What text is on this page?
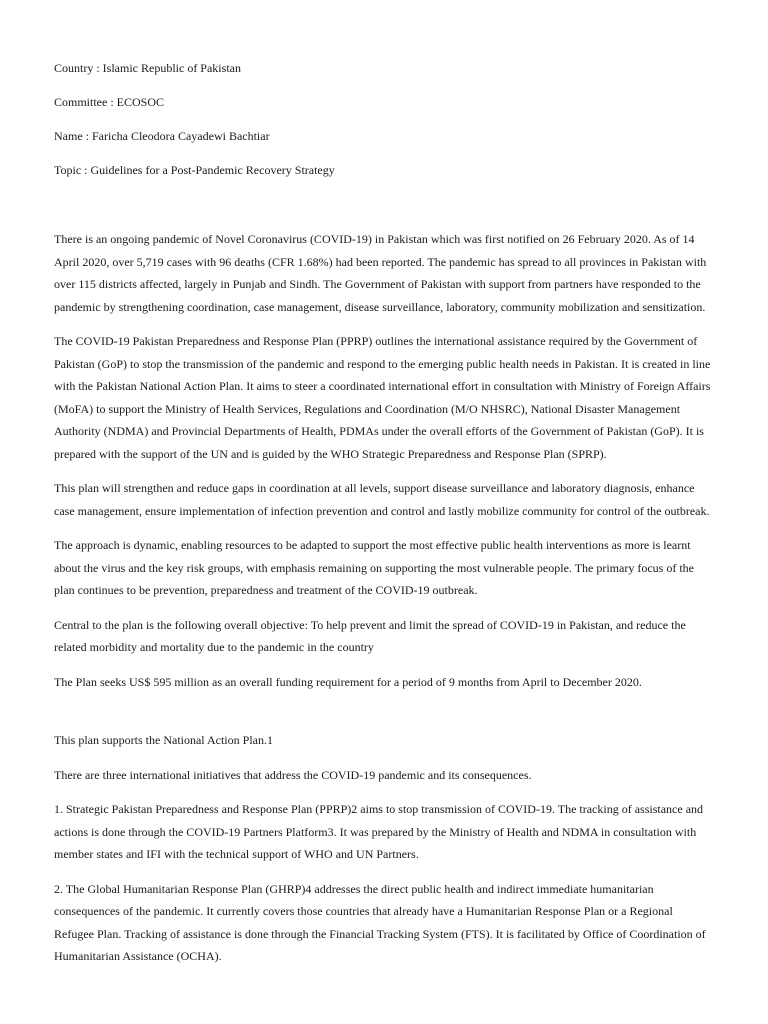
Country : Islamic Republic of Pakistan
Committee : ECOSOC
Name : Faricha Cleodora Cayadewi Bachtiar
Topic : Guidelines for a Post-Pandemic Recovery Strategy

There is an ongoing pandemic of Novel Coronavirus (COVID-19) in Pakistan which was first notified on 26 February 2020. As of 14 April 2020, over 5,719 cases with 96 deaths (CFR 1.68%) had been reported. The pandemic has spread to all provinces in Pakistan with over 115 districts affected, largely in Punjab and Sindh. The Government of Pakistan with support from partners have responded to the pandemic by strengthening coordination, case management, disease surveillance, laboratory, community mobilization and sensitization.

The COVID-19 Pakistan Preparedness and Response Plan (PPRP) outlines the international assistance required by the Government of Pakistan (GoP) to stop the transmission of the pandemic and respond to the emerging public health needs in Pakistan. It is created in line with the Pakistan National Action Plan. It aims to steer a coordinated international effort in consultation with Ministry of Foreign Affairs (MoFA) to support the Ministry of Health Services, Regulations and Coordination (M/O NHSRC), National Disaster Management Authority (NDMA) and Provincial Departments of Health, PDMAs under the overall efforts of the Government of Pakistan (GoP). It is prepared with the support of the UN and is guided by the WHO Strategic Preparedness and Response Plan (SPRP).

This plan will strengthen and reduce gaps in coordination at all levels, support disease surveillance and laboratory diagnosis, enhance case management, ensure implementation of infection prevention and control and lastly mobilize community for control of the outbreak.

The approach is dynamic, enabling resources to be adapted to support the most effective public health interventions as more is learnt about the virus and the key risk groups, with emphasis remaining on supporting the most vulnerable people. The primary focus of the plan continues to be prevention, preparedness and treatment of the COVID-19 outbreak.

Central to the plan is the following overall objective: To help prevent and limit the spread of COVID-19 in Pakistan, and reduce the related morbidity and mortality due to the pandemic in the country

The Plan seeks US$ 595 million as an overall funding requirement for a period of 9 months from April to December 2020.

This plan supports the National Action Plan.1

There are three international initiatives that address the COVID-19 pandemic and its consequences.

1. Strategic Pakistan Preparedness and Response Plan (PPRP)2 aims to stop transmission of COVID-19. The tracking of assistance and actions is done through the COVID-19 Partners Platform3. It was prepared by the Ministry of Health and NDMA in consultation with member states and IFI with the technical support of WHO and UN Partners.

2. The Global Humanitarian Response Plan (GHRP)4 addresses the direct public health and indirect immediate humanitarian consequences of the pandemic. It currently covers those countries that already have a Humanitarian Response Plan or a Regional Refugee Plan. Tracking of assistance is done through the Financial Tracking System (FTS). It is facilitated by Office of Coordination of Humanitarian Assistance (OCHA).
